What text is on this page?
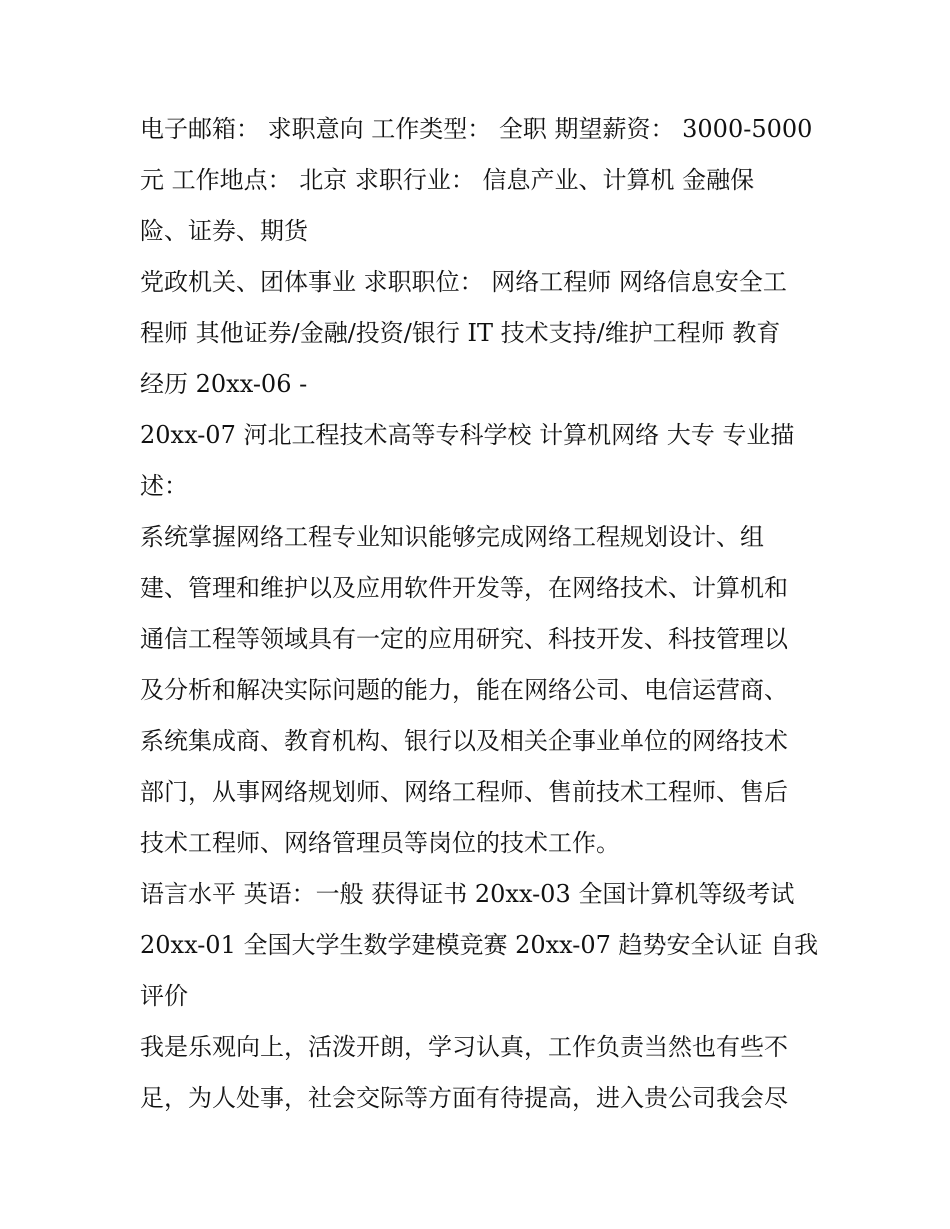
电子邮箱： 求职意向 工作类型： 全职 期望薪资： 3000-5000
元 工作地点： 北京 求职行业： 信息产业、计算机 金融保
险、证券、期货
党政机关、团体事业 求职职位： 网络工程师 网络信息安全工
程师 其他证券/金融/投资/银行 IT 技术支持/维护工程师 教育
经历 20xx-06 -
20xx-07 河北工程技术高等专科学校 计算机网络 大专 专业描
述：
系统掌握网络工程专业知识能够完成网络工程规划设计、组
建、管理和维护以及应用软件开发等，在网络技术、计算机和
通信工程等领域具有一定的应用研究、科技开发、科技管理以
及分析和解决实际问题的能力，能在网络公司、电信运营商、
系统集成商、教育机构、银行以及相关企事业单位的网络技术
部门，从事网络规划师、网络工程师、售前技术工程师、售后
技术工程师、网络管理员等岗位的技术工作。
语言水平 英语：一般 获得证书 20xx-03 全国计算机等级考试
20xx-01 全国大学生数学建模竞赛 20xx-07 趋势安全认证 自我
评价
我是乐观向上，活泼开朗，学习认真，工作负责当然也有些不
足，为人处事，社会交际等方面有待提高，进入贵公司我会尽
